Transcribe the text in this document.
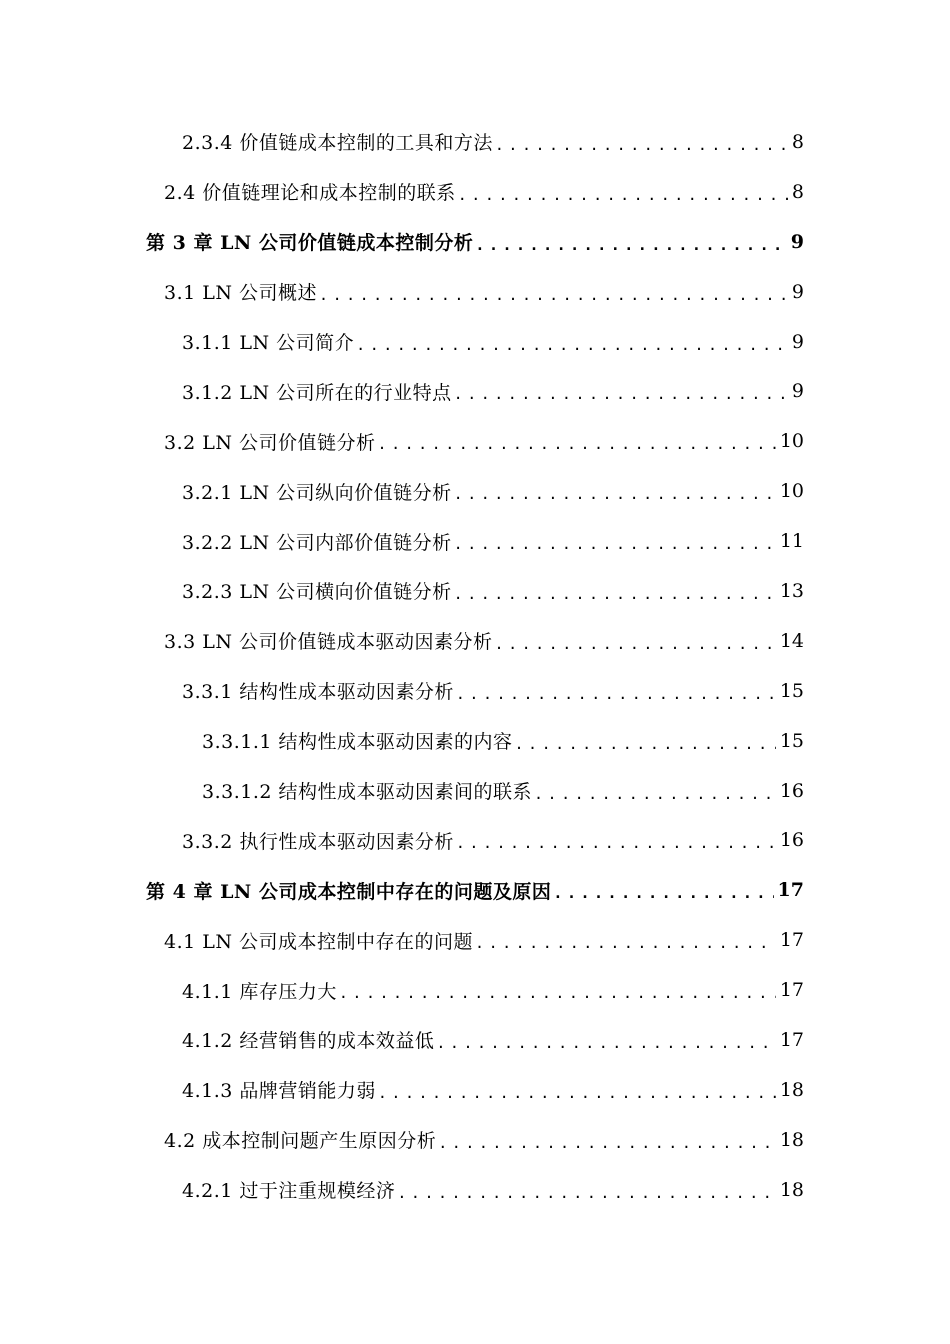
2.3.4 价值链成本控制的工具和方法 .....	8
2.4 价值链理论和成本控制的联系 .....	8
第 3 章 LN 公司价值链成本控制分析 .....	9
3.1 LN 公司概述 .....	9
3.1.1 LN 公司简介 .....	9
3.1.2 LN 公司所在的行业特点 .....	9
3.2 LN 公司价值链分析 .....	10
3.2.1 LN 公司纵向价值链分析 .....	10
3.2.2 LN 公司内部价值链分析 .....	11
3.2.3 LN 公司横向价值链分析 .....	13
3.3 LN 公司价值链成本驱动因素分析 .....	14
3.3.1 结构性成本驱动因素分析 .....	15
3.3.1.1 结构性成本驱动因素的内容 .....	15
3.3.1.2 结构性成本驱动因素间的联系 .....	16
3.3.2 执行性成本驱动因素分析 .....	16
第 4 章 LN 公司成本控制中存在的问题及原因 .....	17
4.1 LN 公司成本控制中存在的问题 .....	17
4.1.1 库存压力大 .....	17
4.1.2 经营销售的成本效益低 .....	17
4.1.3 品牌营销能力弱 .....	18
4.2 成本控制问题产生原因分析 .....	18
4.2.1 过于注重规模经济 .....	18
